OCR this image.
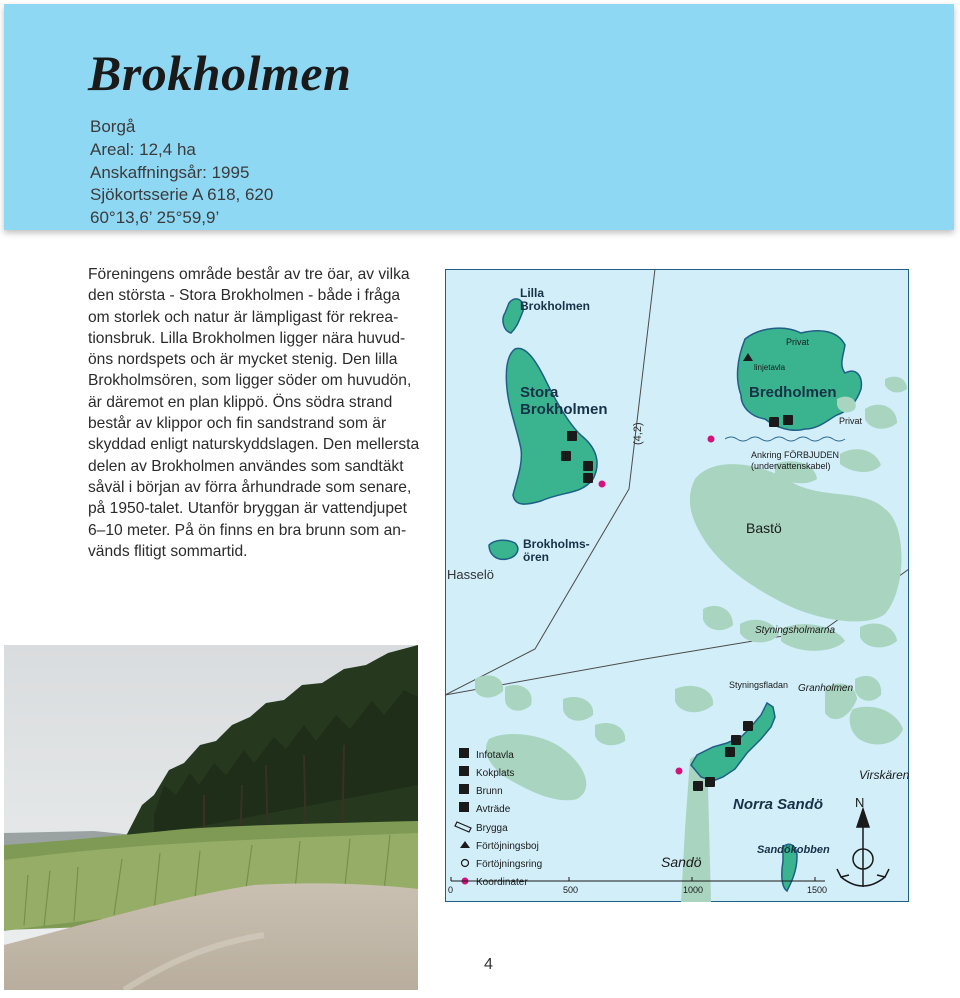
Brokholmen
Borgå
Areal: 12,4 ha
Anskaffningsår: 1995
Sjökortsserie A 618, 620
60°13,6’ 25°59,9’
Föreningens område består av tre öar, av vilka
den största - Stora Brokholmen - både i fråga
om storlek och natur är lämpligast för rekrea-
tionsbruk. Lilla Brokholmen ligger nära huvud-
öns nordspets och är mycket stenig. Den lilla
Brokholmsören, som ligger söder om huvudön,
är däremot en plan klippö. Öns södra strand
består av klippor och fin sandstrand som är
skyddad enligt naturskyddslagen. Den mellersta
delen av Brokholmen användes som sandtäkt
såväl i början av förra århundrade som senare,
på 1950-talet. Utanför bryggan är vattendjupet
6–10 meter. På ön finns en bra brunn som an-
vänds flitigt sommartid.
Lilla
Brokholmen
Stora
Brokholmen
Brokholms-
ören
Hasselö
(4,2)
Privat
Privat
linjetavla
Bredholmen
Ankring FÖRBJUDEN
(undervattenskabel)
Bastö
Styningsholmarna
Styningsfladan Granholmen
Virskären
Norra Sandö
Sandökobben
Sandö
N
Infotavla
Kokplats
Brunn
Avträde
Brygga
Förtöjningsboj
Förtöjningsring
Koordinater
0	500	1000	1500
4
